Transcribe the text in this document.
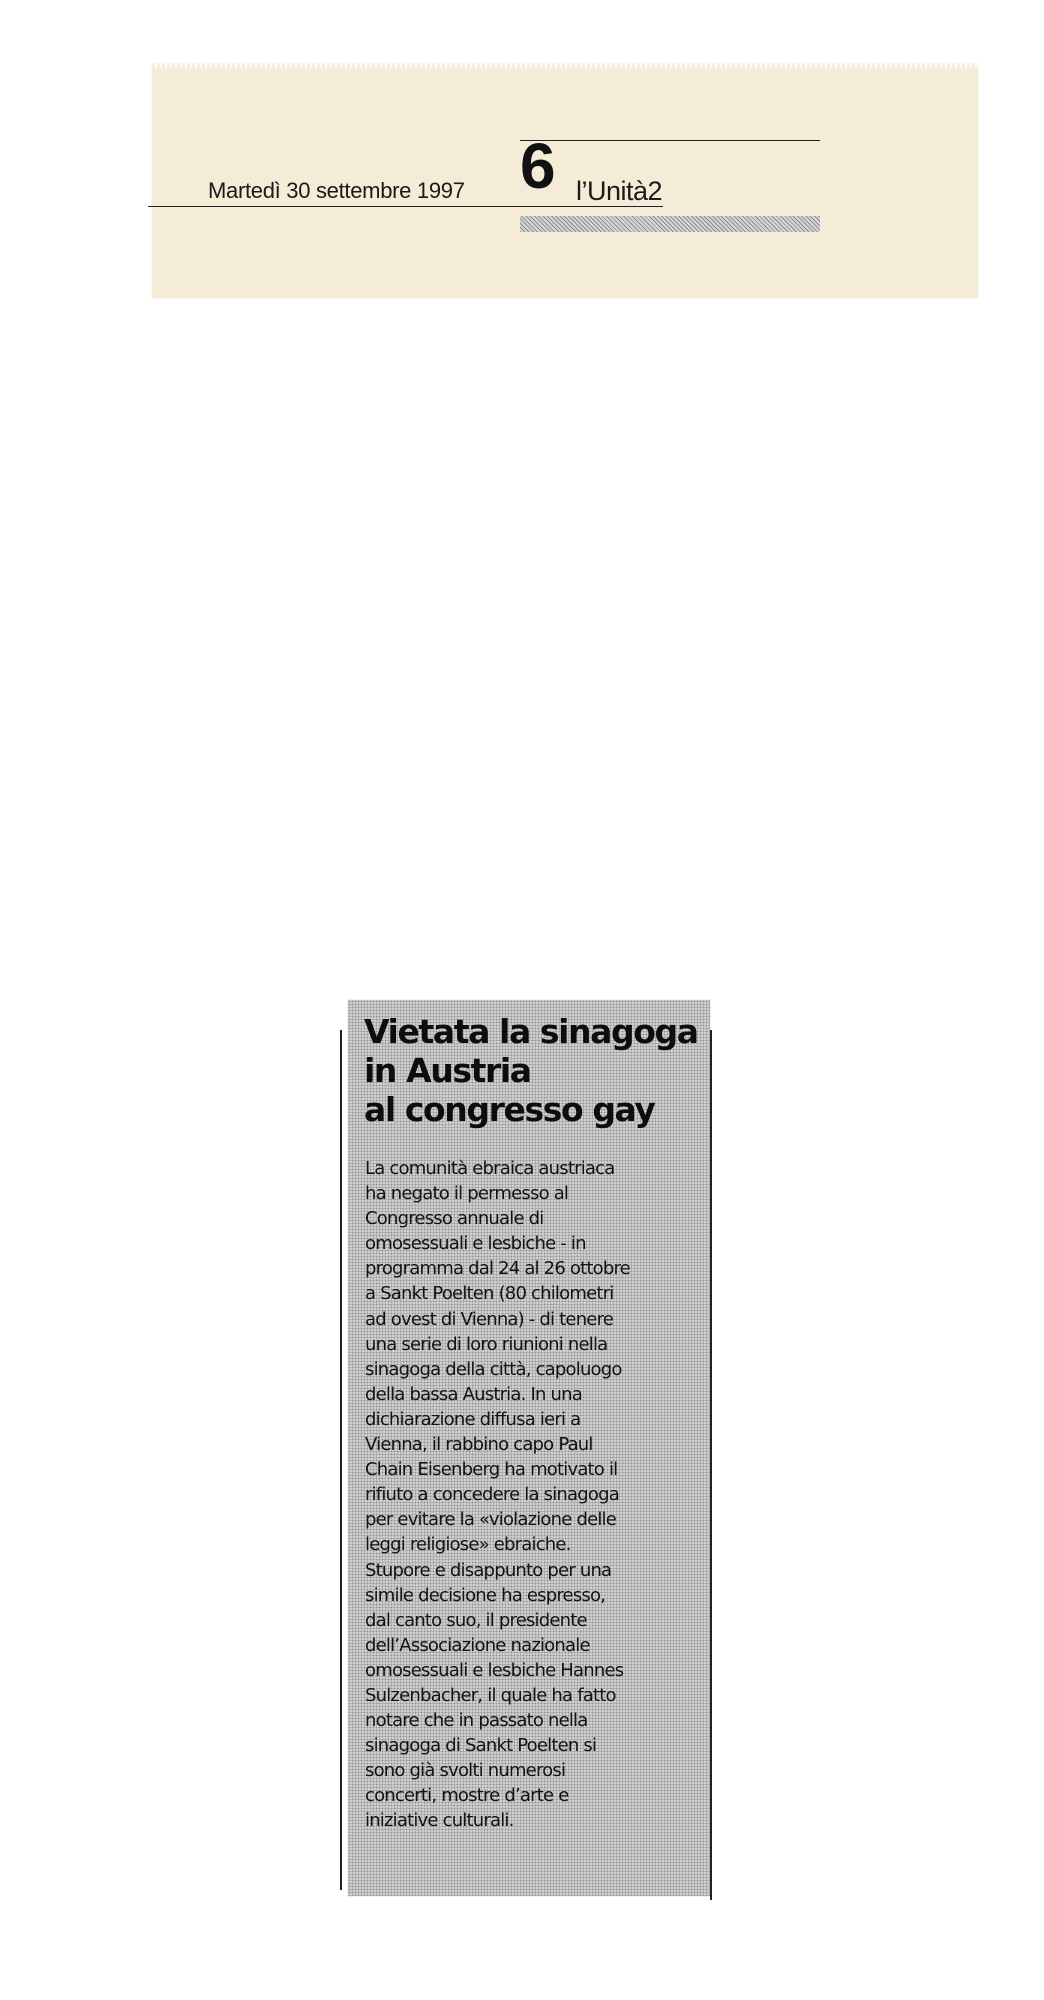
Martedì 30 settembre 1997 6 l’Unità2
Vietata la sinagoga
in Austria
al congresso gay
La comunità ebraica austriaca
ha negato il permesso al
Congresso annuale di
omosessuali e lesbiche - in
programma dal 24 al 26 ottobre
a Sankt Poelten (80 chilometri
ad ovest di Vienna) - di tenere
una serie di loro riunioni nella
sinagoga della città, capoluogo
della bassa Austria. In una
dichiarazione diffusa ieri a
Vienna, il rabbino capo Paul
Chain Eisenberg ha motivato il
rifiuto a concedere la sinagoga
per evitare la «violazione delle
leggi religiose» ebraiche.
Stupore e disappunto per una
simile decisione ha espresso,
dal canto suo, il presidente
dell’Associazione nazionale
omosessuali e lesbiche Hannes
Sulzenbacher, il quale ha fatto
notare che in passato nella
sinagoga di Sankt Poelten si
sono già svolti numerosi
concerti, mostre d’arte e
iniziative culturali.
